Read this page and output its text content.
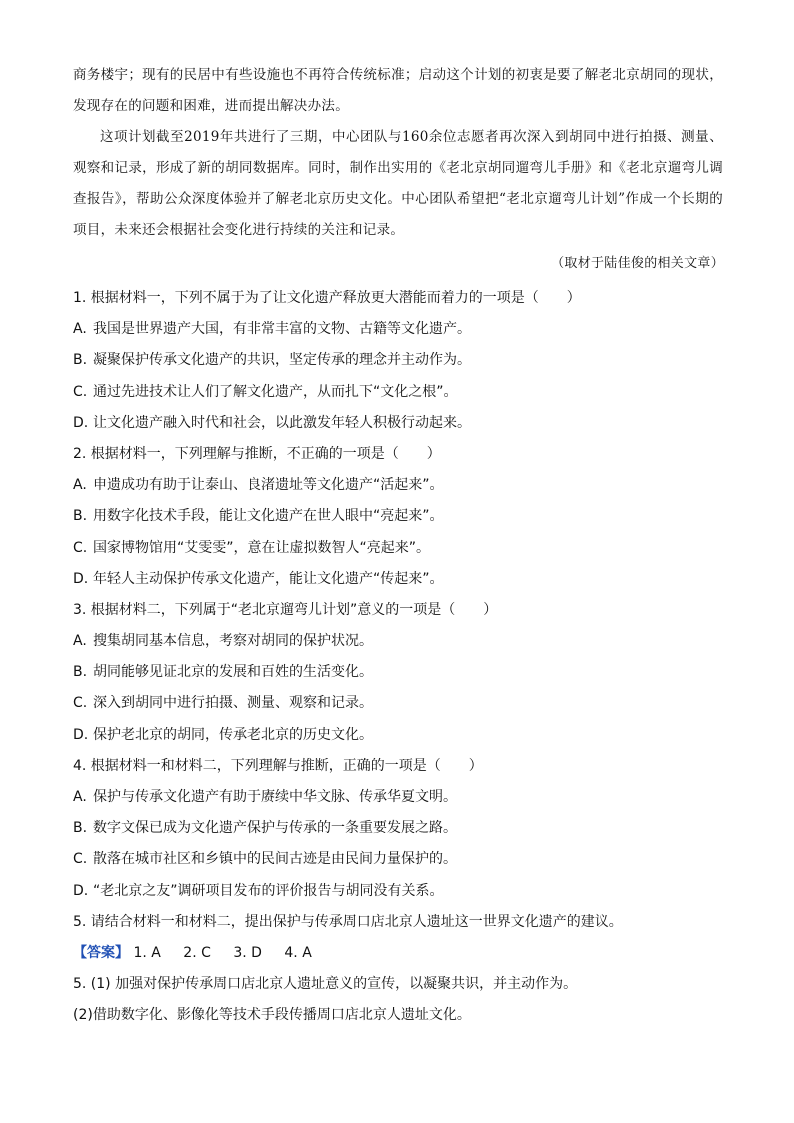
商务楼宇；现有的民居中有些设施也不再符合传统标准；启动这个计划的初衷是要了解老北京胡同的现状，发现存在的问题和困难，进而提出解决办法。

这项计划截至2019年共进行了三期，中心团队与160余位志愿者再次深入到胡同中进行拍摄、测量、观察和记录，形成了新的胡同数据库。同时，制作出实用的《老北京胡同遛弯儿手册》和《老北京遛弯儿调查报告》，帮助公众深度体验并了解老北京历史文化。中心团队希望把“老北京遛弯儿计划”作成一个长期的项目，未来还会根据社会变化进行持续的关注和记录。

（取材于陆佳俊的相关文章）
1. 根据材料一，下列不属于为了让文化遗产释放更大潜能而着力的一项是（　　）
A. 我国是世界遗产大国，有非常丰富的文物、古籍等文化遗产。
B. 凝聚保护传承文化遗产的共识，坚定传承的理念并主动作为。
C. 通过先进技术让人们了解文化遗产，从而扎下“文化之根”。
D. 让文化遗产融入时代和社会，以此激发年轻人积极行动起来。
2. 根据材料一，下列理解与推断，不正确的一项是（　　）
A. 申遗成功有助于让泰山、良渚遗址等文化遗产“活起来”。
B. 用数字化技术手段，能让文化遗产在世人眼中“亮起来”。
C. 国家博物馆用“艾雯雯”，意在让虚拟数智人“亮起来”。
D. 年轻人主动保护传承文化遗产，能让文化遗产“传起来”。
3. 根据材料二，下列属于“老北京遛弯儿计划”意义的一项是（　　）
A. 搜集胡同基本信息，考察对胡同的保护状况。
B. 胡同能够见证北京的发展和百姓的生活变化。
C. 深入到胡同中进行拍摄、测量、观察和记录。
D. 保护老北京的胡同，传承老北京的历史文化。
4. 根据材料一和材料二，下列理解与推断，正确的一项是（　　）
A. 保护与传承文化遗产有助于赓续中华文脉、传承华夏文明。
B. 数字文保已成为文化遗产保护与传承的一条重要发展之路。
C. 散落在城市社区和乡镇中的民间古迹是由民间力量保护的。
D. “老北京之友”调研项目发布的评价报告与胡同没有关系。
5. 请结合材料一和材料二，提出保护与传承周口店北京人遗址这一世界文化遗产的建议。
【答案】 1. A 2. C 3. D 4. A
5. (1) 加强对保护传承周口店北京人遗址意义的宣传，以凝聚共识，并主动作为。
(2)借助数字化、影像化等技术手段传播周口店北京人遗址文化。
